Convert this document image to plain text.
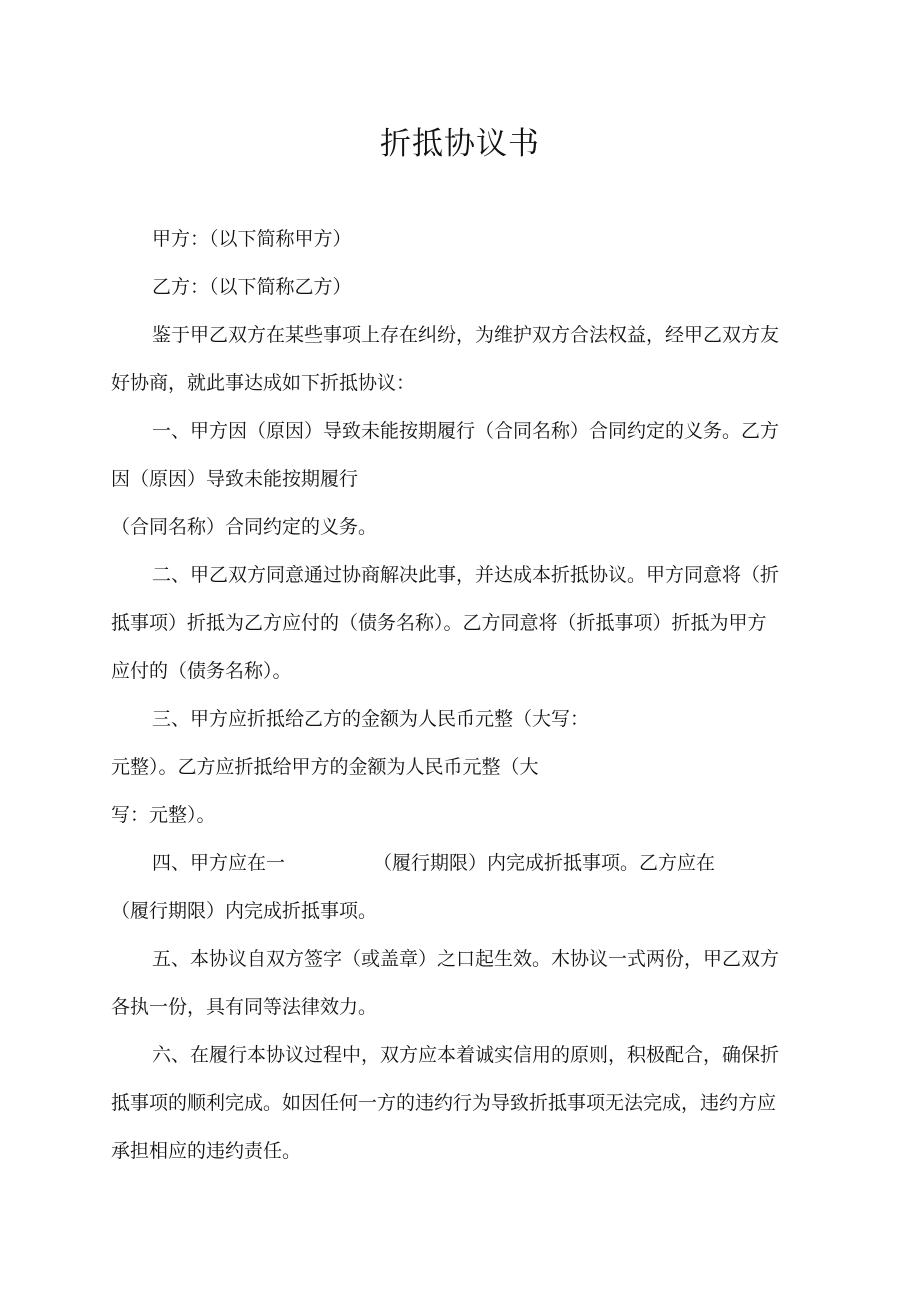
折抵协议书
甲方：（以下简称甲方）
乙方：（以下简称乙方）
鉴于甲乙双方在某些事项上存在纠纷，为维护双方合法权益，经甲乙双方友
好协商，就此事达成如下折抵协议：
一、甲方因（原因）导致未能按期履行（合同名称）合同约定的义务。乙方
因（原因）导致未能按期履行
（合同名称）合同约定的义务。
二、甲乙双方同意通过协商解决此事，并达成本折抵协议。甲方同意将（折
抵事项）折抵为乙方应付的（债务名称）。乙方同意将（折抵事项）折抵为甲方
应付的（债务名称）。
三、甲方应折抵给乙方的金额为人民币元整（大写：
元整）。乙方应折抵给甲方的金额为人民币元整（大
写：元整）。
四、甲方应在一	（履行期限）内完成折抵事项。乙方应在
（履行期限）内完成折抵事项。
五、本协议自双方签字（或盖章）之口起生效。木协议一式两份，甲乙双方
各执一份，具有同等法律效力。
六、在履行本协议过程中，双方应本着诚实信用的原则，积极配合，确保折
抵事项的顺利完成。如因任何一方的违约行为导致折抵事项无法完成，违约方应
承担相应的违约责任。
